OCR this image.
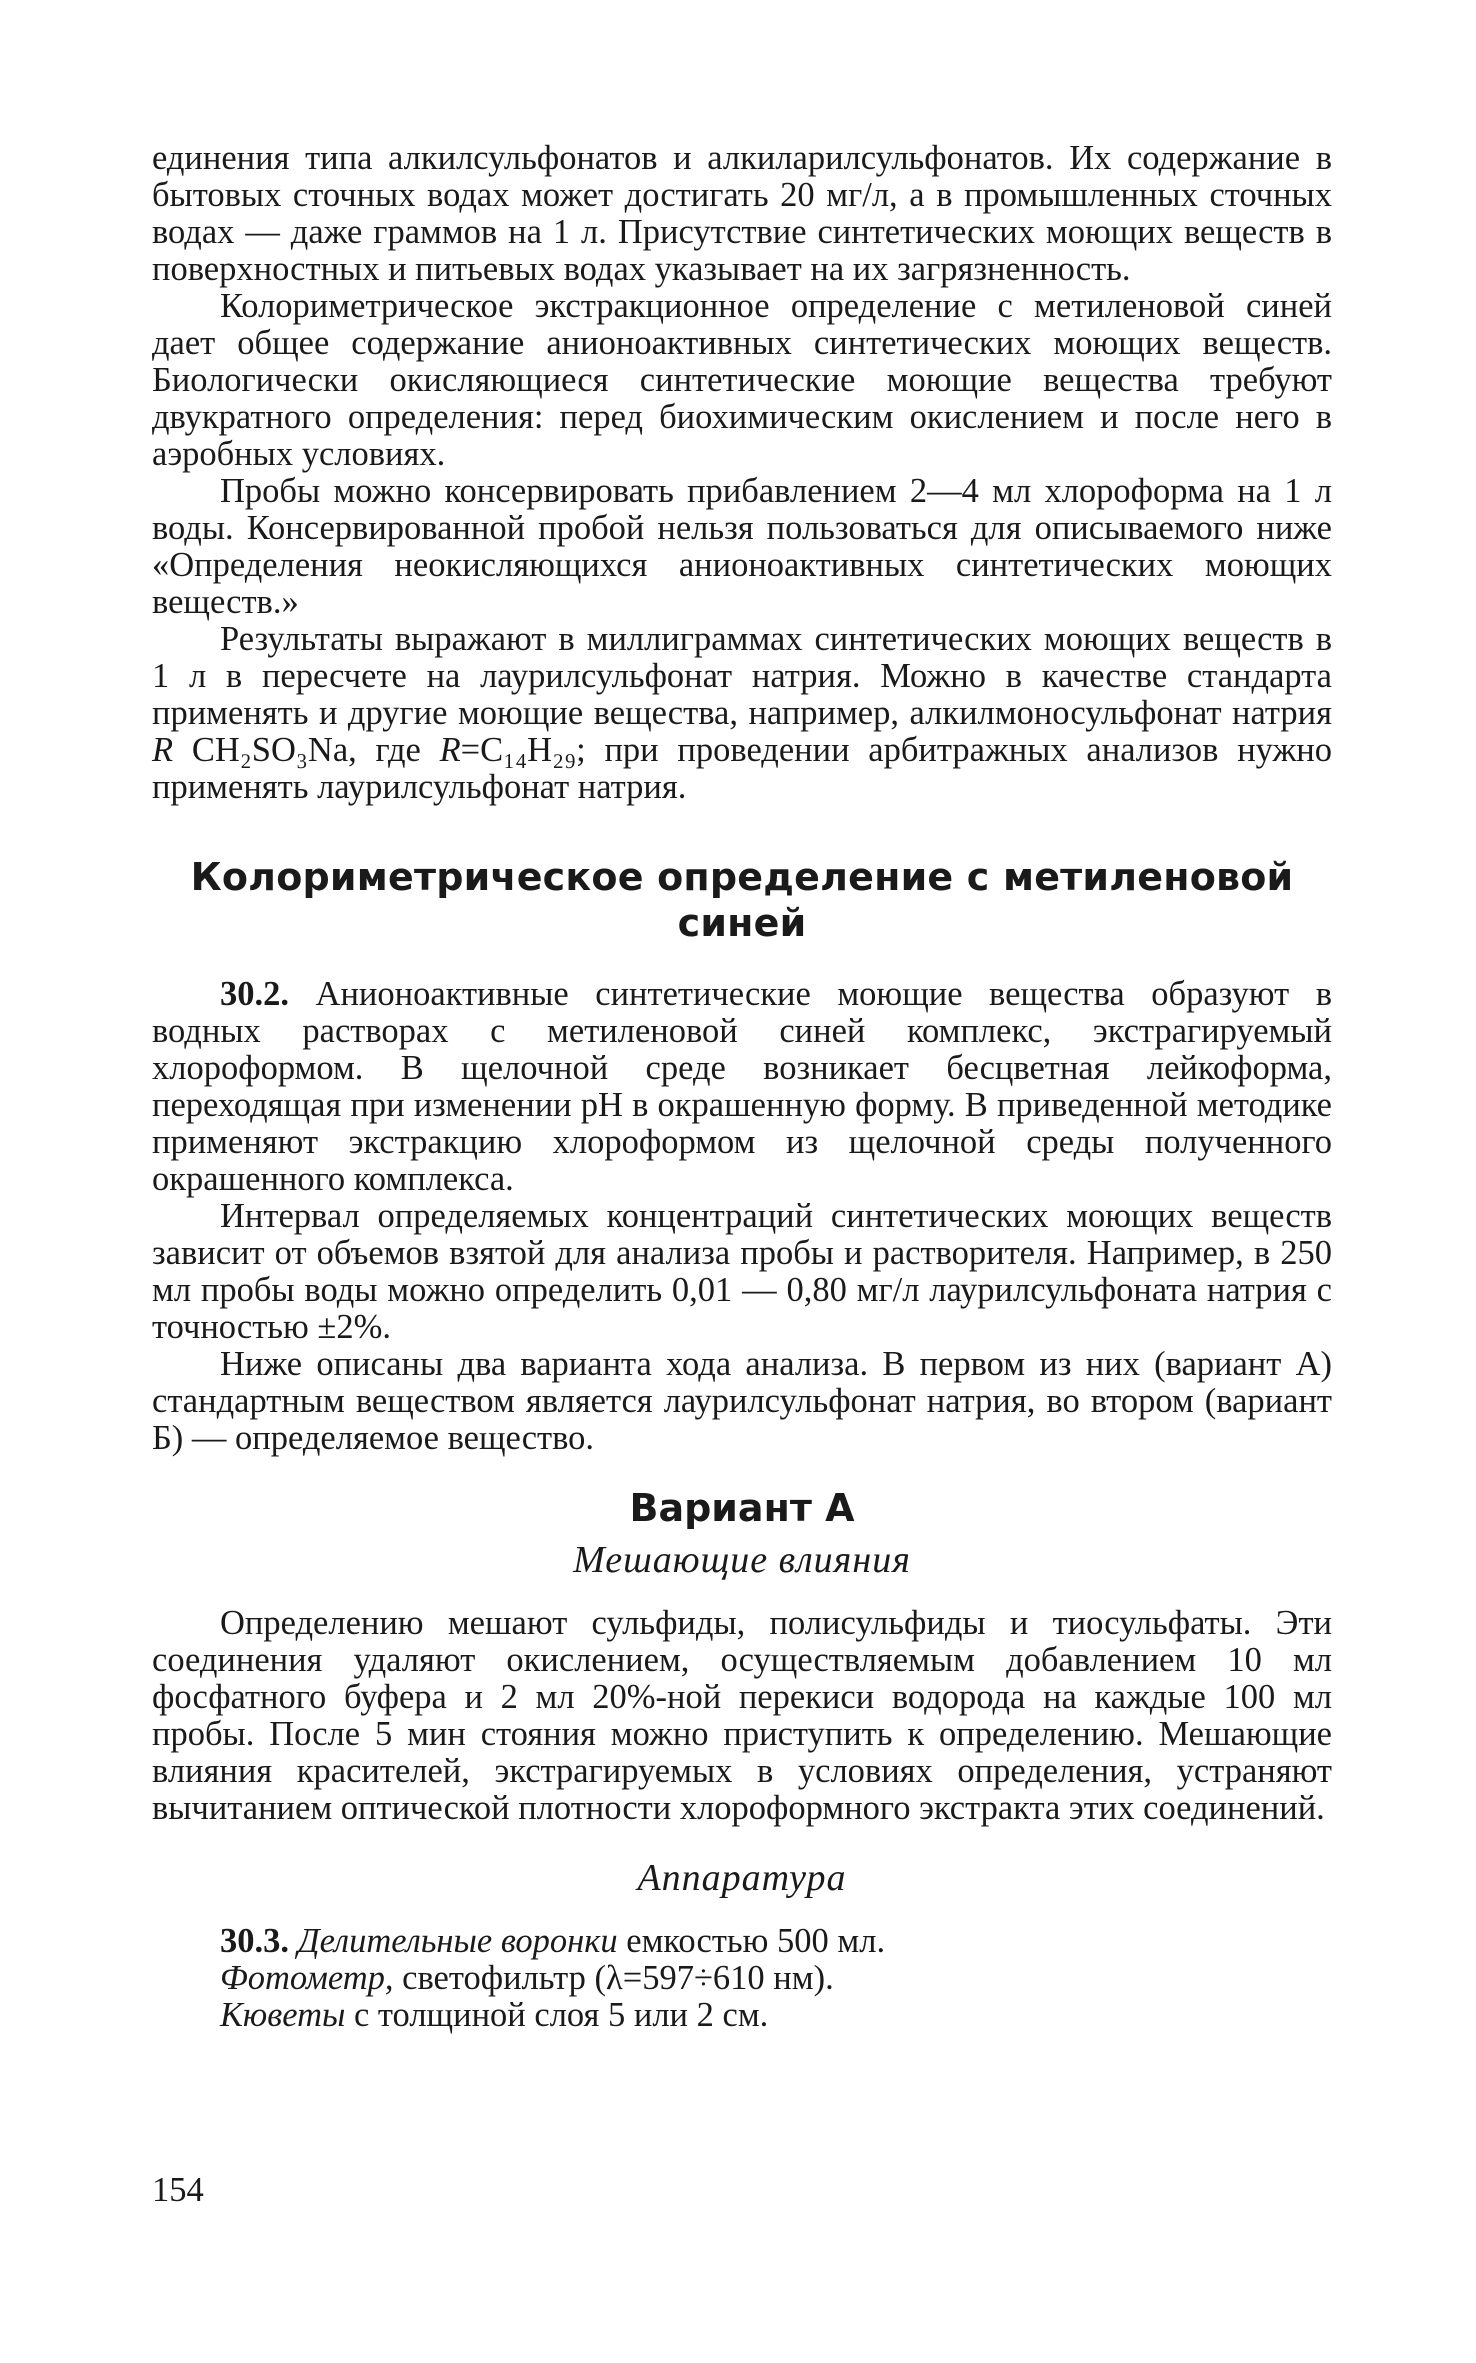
единения типа алкилсульфонатов и алкиларилсульфонатов. Их содержание в бытовых сточных водах может достигать 20 мг/л, а в промышленных сточных водах — даже граммов на 1 л. Присутствие синтетических моющих веществ в поверхностных и питьевых водах указывает на их загрязненность.

Колориметрическое экстракционное определение с метиленовой синей дает общее содержание анионоактивных синтетических моющих веществ. Биологически окисляющиеся синтетические моющие вещества требуют двукратного определения: перед биохимическим окислением и после него в аэробных условиях.

Пробы можно консервировать прибавлением 2—4 мл хлороформа на 1 л воды. Консервированной пробой нельзя пользоваться для описываемого ниже «Определения неокисляющихся анионоактивных синтетических моющих веществ.»

Результаты выражают в миллиграммах синтетических моющих веществ в 1 л в пересчете на лаурилсульфонат натрия. Можно в качестве стандарта применять и другие моющие вещества, например, алкилмоносульфонат натрия R CH₂SO₃Na, где R=C₁₄H₂₉; при проведении арбитражных анализов нужно применять лаурилсульфонат натрия.

Колориметрическое определение с метиленовой синей

30.2. Анионоактивные синтетические моющие вещества образуют в водных растворах с метиленовой синей комплекс, экстрагируемый хлороформом. В щелочной среде возникает бесцветная лейкоформа, переходящая при изменении pH в окрашенную форму. В приведенной методике применяют экстракцию хлороформом из щелочной среды полученного окрашенного комплекса.

Интервал определяемых концентраций синтетических моющих веществ зависит от объемов взятой для анализа пробы и растворителя. Например, в 250 мл пробы воды можно определить 0,01 — 0,80 мг/л лаурилсульфоната натрия с точностью ±2%.

Ниже описаны два варианта хода анализа. В первом из них (вариант А) стандартным веществом является лаурилсульфонат натрия, во втором (вариант Б) — определяемое вещество.

Вариант А

Мешающие влияния

Определению мешают сульфиды, полисульфиды и тиосульфаты. Эти соединения удаляют окислением, осуществляемым добавлением 10 мл фосфатного буфера и 2 мл 20%-ной перекиси водорода на каждые 100 мл пробы. После 5 мин стояния можно приступить к определению. Мешающие влияния красителей, экстрагируемых в условиях определения, устраняют вычитанием оптической плотности хлороформного экстракта этих соединений.

Аппаратура

30.3. Делительные воронки емкостью 500 мл.

Фотометр, светофильтр (λ=597÷610 нм).

Кюветы с толщиной слоя 5 или 2 см.

154
